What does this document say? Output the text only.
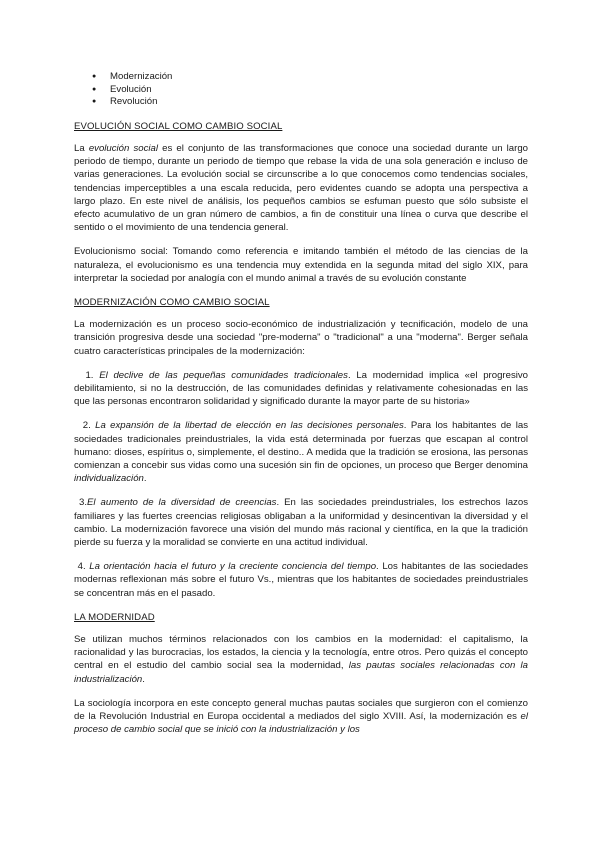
● Modernización
● Evolución
● Revolución
EVOLUCIÓN SOCIAL COMO CAMBIO SOCIAL

La evolución social es el conjunto de las transformaciones que conoce una sociedad durante un largo periodo de tiempo, durante un periodo de tiempo que rebase la vida de una sola generación e incluso de varias generaciones. La evolución social se circunscribe a lo que conocemos como tendencias sociales, tendencias imperceptibles a una escala reducida, pero evidentes cuando se adopta una perspectiva a largo plazo. En este nivel de análisis, los pequeños cambios se esfuman puesto que sólo subsiste el efecto acumulativo de un gran número de cambios, a fin de constituir una línea o curva que describe el sentido o el movimiento de una tendencia general.

Evolucionismo social: Tomando como referencia e imitando también el método de las ciencias de la naturaleza, el evolucionismo es una tendencia muy extendida en la segunda mitad del siglo XIX, para interpretar la sociedad por analogía con el mundo animal a través de su evolución constante

MODERNIZACIÓN COMO CAMBIO SOCIAL

La modernización es un proceso socio-económico de industrialización y tecnificación, modelo de una transición progresiva desde una sociedad "pre-moderna" o "tradicional" a una "moderna". Berger señala cuatro características principales de la modernización:

1. El declive de las pequeñas comunidades tradicionales. La modernidad implica «el progresivo debilitamiento, si no la destrucción, de las comunidades definidas y relativamente cohesionadas en las que las personas encontraron solidaridad y significado durante la mayor parte de su historia»

2. La expansión de la libertad de elección en las decisiones personales. Para los habitantes de las sociedades tradicionales preindustriales, la vida está determinada por fuerzas que escapan al control humano: dioses, espíritus o, simplemente, el destino.. A medida que la tradición se erosiona, las personas comienzan a concebir sus vidas como una sucesión sin fin de opciones, un proceso que Berger denomina individualización.

3.El aumento de la diversidad de creencias. En las sociedades preindustriales, los estrechos lazos familiares y las fuertes creencias religiosas obligaban a la uniformidad y desincentivan la diversidad y el cambio. La modernización favorece una visión del mundo más racional y científica, en la que la tradición pierde su fuerza y la moralidad se convierte en una actitud individual.

4. La orientación hacia el futuro y la creciente conciencia del tiempo. Los habitantes de las sociedades modernas reflexionan más sobre el futuro Vs., mientras que los habitantes de sociedades preindustriales se concentran más en el pasado.

LA MODERNIDAD

Se utilizan muchos términos relacionados con los cambios en la modernidad: el capitalismo, la racionalidad y las burocracias, los estados, la ciencia y la tecnología, entre otros. Pero quizás el concepto central en el estudio del cambio social sea la modernidad, las pautas sociales relacionadas con la industrialización.

La sociología incorpora en este concepto general muchas pautas sociales que surgieron con el comienzo de la Revolución Industrial en Europa occidental a mediados del siglo XVIII. Así, la modernización es el proceso de cambio social que se inició con la industrialización y los
